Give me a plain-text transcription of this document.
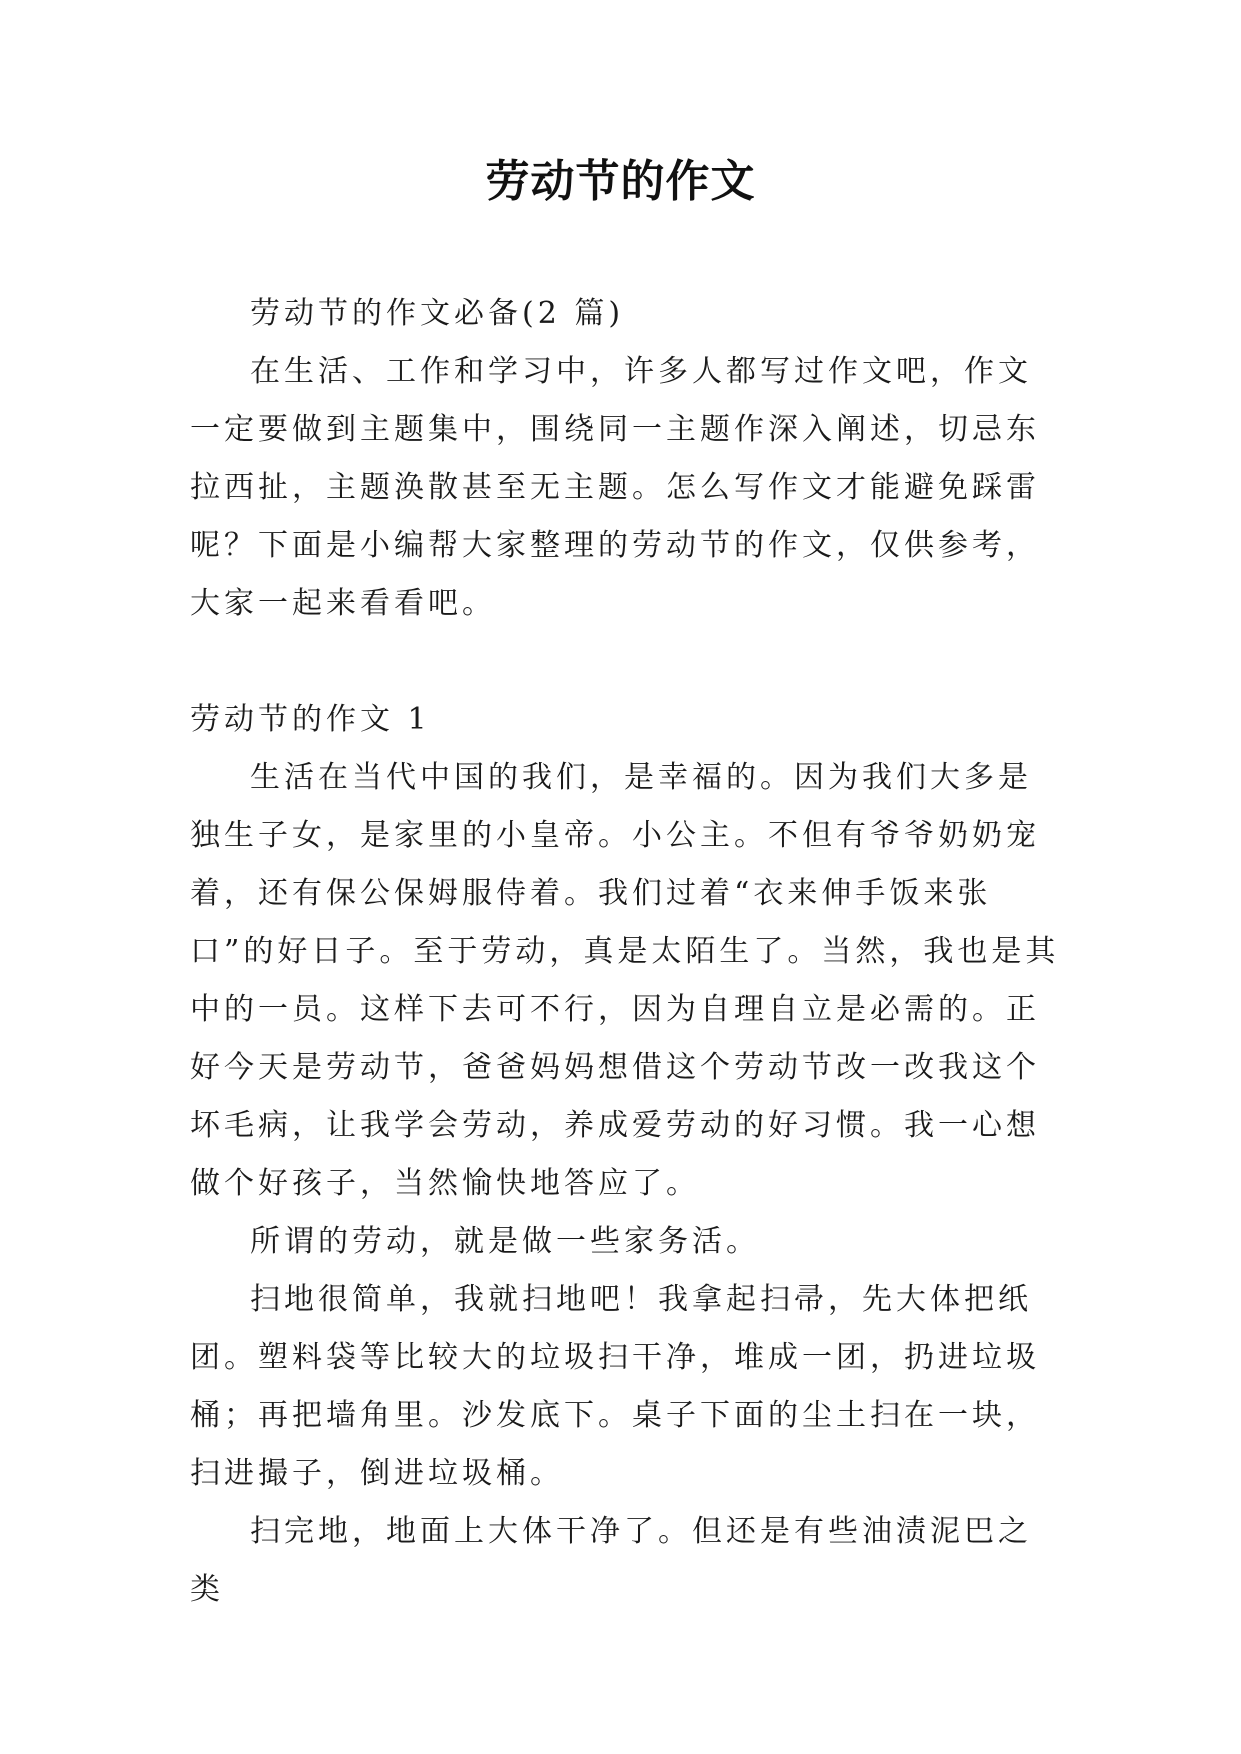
劳动节的作文

劳动节的作文必备(2 篇)

在生活、工作和学习中，许多人都写过作文吧，作文一定要做到主题集中，围绕同一主题作深入阐述，切忌东拉西扯，主题涣散甚至无主题。怎么写作文才能避免踩雷呢？下面是小编帮大家整理的劳动节的作文，仅供参考，大家一起来看看吧。

劳动节的作文 1

生活在当代中国的我们，是幸福的。因为我们大多是独生子女，是家里的小皇帝。小公主。不但有爷爷奶奶宠着，还有保公保姆服侍着。我们过着“衣来伸手饭来张口”的好日子。至于劳动，真是太陌生了。当然，我也是其中的一员。这样下去可不行，因为自理自立是必需的。正好今天是劳动节，爸爸妈妈想借这个劳动节改一改我这个坏毛病，让我学会劳动，养成爱劳动的好习惯。我一心想做个好孩子，当然愉快地答应了。

所谓的劳动，就是做一些家务活。

扫地很简单，我就扫地吧！我拿起扫帚，先大体把纸团。塑料袋等比较大的垃圾扫干净，堆成一团，扔进垃圾桶；再把墙角里。沙发底下。桌子下面的尘土扫在一块，扫进撮子，倒进垃圾桶。

扫完地，地面上大体干净了。但还是有些油渍泥巴之类
